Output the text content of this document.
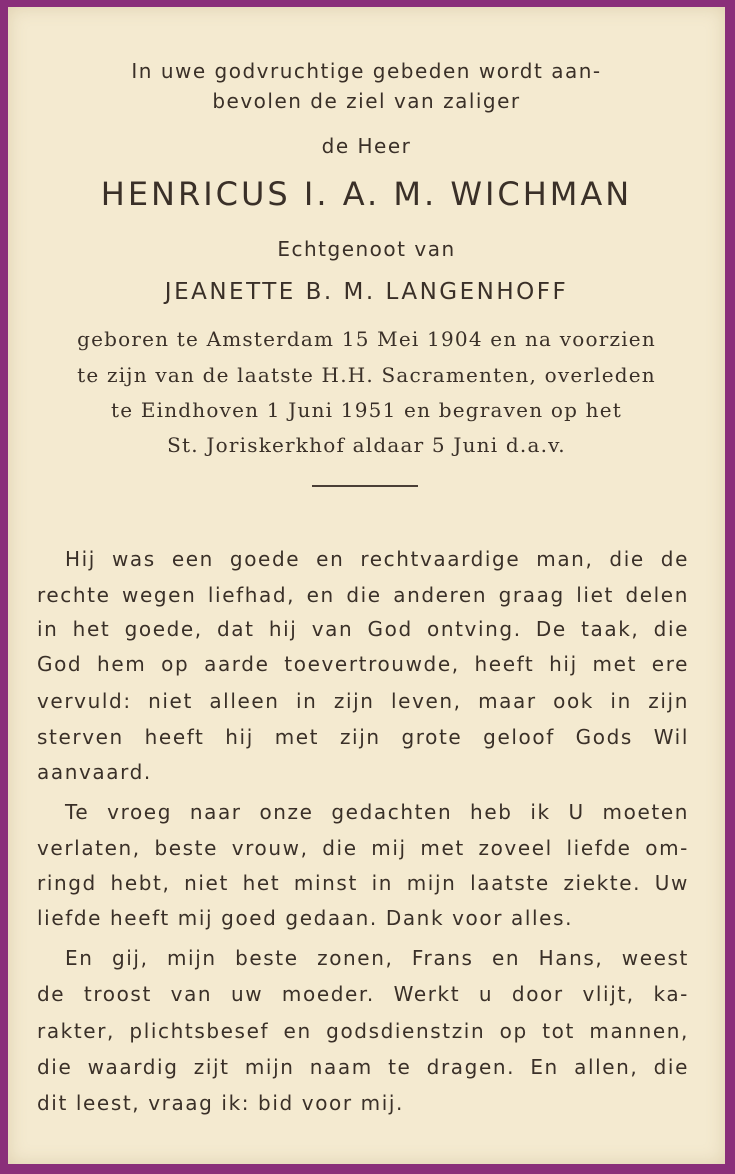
In uwe godvruchtige gebeden wordt aan-
bevolen de ziel van zaliger
de Heer
HENRICUS I. A. M. WICHMAN
Echtgenoot van
JEANETTE B. M. LANGENHOFF
geboren te Amsterdam 15 Mei 1904 en na voorzien
te zijn van de laatste H.H. Sacramenten, overleden
te Eindhoven 1 Juni 1951 en begraven op het
St. Joriskerkhof aldaar 5 Juni d.a.v.
Hij was een goede en rechtvaardige man, die de
rechte wegen liefhad, en die anderen graag liet delen
in het goede, dat hij van God ontving. De taak, die
God hem op aarde toevertrouwde, heeft hij met ere
vervuld: niet alleen in zijn leven, maar ook in zijn
sterven heeft hij met zijn grote geloof Gods Wil
aanvaard.
Te vroeg naar onze gedachten heb ik U moeten
verlaten, beste vrouw, die mij met zoveel liefde om-
ringd hebt, niet het minst in mijn laatste ziekte. Uw
liefde heeft mij goed gedaan. Dank voor alles.
En gij, mijn beste zonen, Frans en Hans, weest
de troost van uw moeder. Werkt u door vlijt, ka-
rakter, plichtsbesef en godsdienstzin op tot mannen,
die waardig zijt mijn naam te dragen. En allen, die
dit leest, vraag ik: bid voor mij.
